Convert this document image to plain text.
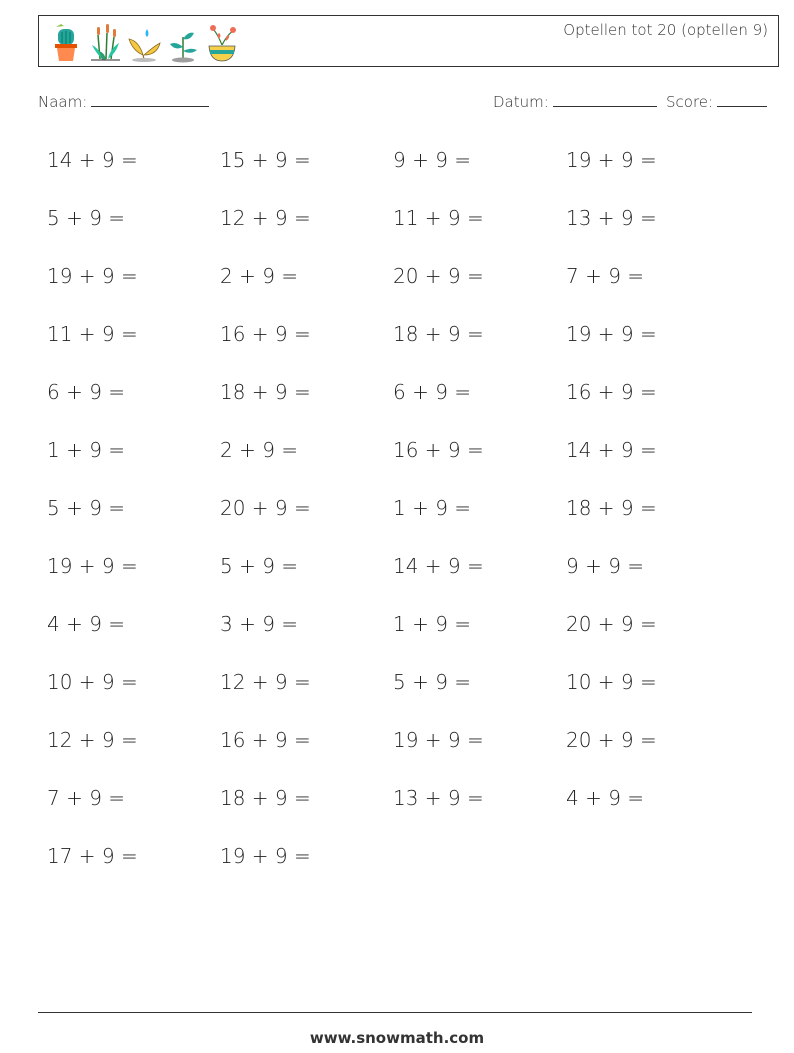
Optellen tot 20 (optellen 9)
Naam:	Datum:	Score:
14 + 9 =	15 + 9 =	9 + 9 =	19 + 9 =
5 + 9 =	12 + 9 =	11 + 9 =	13 + 9 =
19 + 9 =	2 + 9 =	20 + 9 =	7 + 9 =
11 + 9 =	16 + 9 =	18 + 9 =	19 + 9 =
6 + 9 =	18 + 9 =	6 + 9 =	16 + 9 =
1 + 9 =	2 + 9 =	16 + 9 =	14 + 9 =
5 + 9 =	20 + 9 =	1 + 9 =	18 + 9 =
19 + 9 =	5 + 9 =	14 + 9 =	9 + 9 =
4 + 9 =	3 + 9 =	1 + 9 =	20 + 9 =
10 + 9 =	12 + 9 =	5 + 9 =	10 + 9 =
12 + 9 =	16 + 9 =	19 + 9 =	20 + 9 =
7 + 9 =	18 + 9 =	13 + 9 =	4 + 9 =
17 + 9 =	19 + 9 =
www.snowmath.com
